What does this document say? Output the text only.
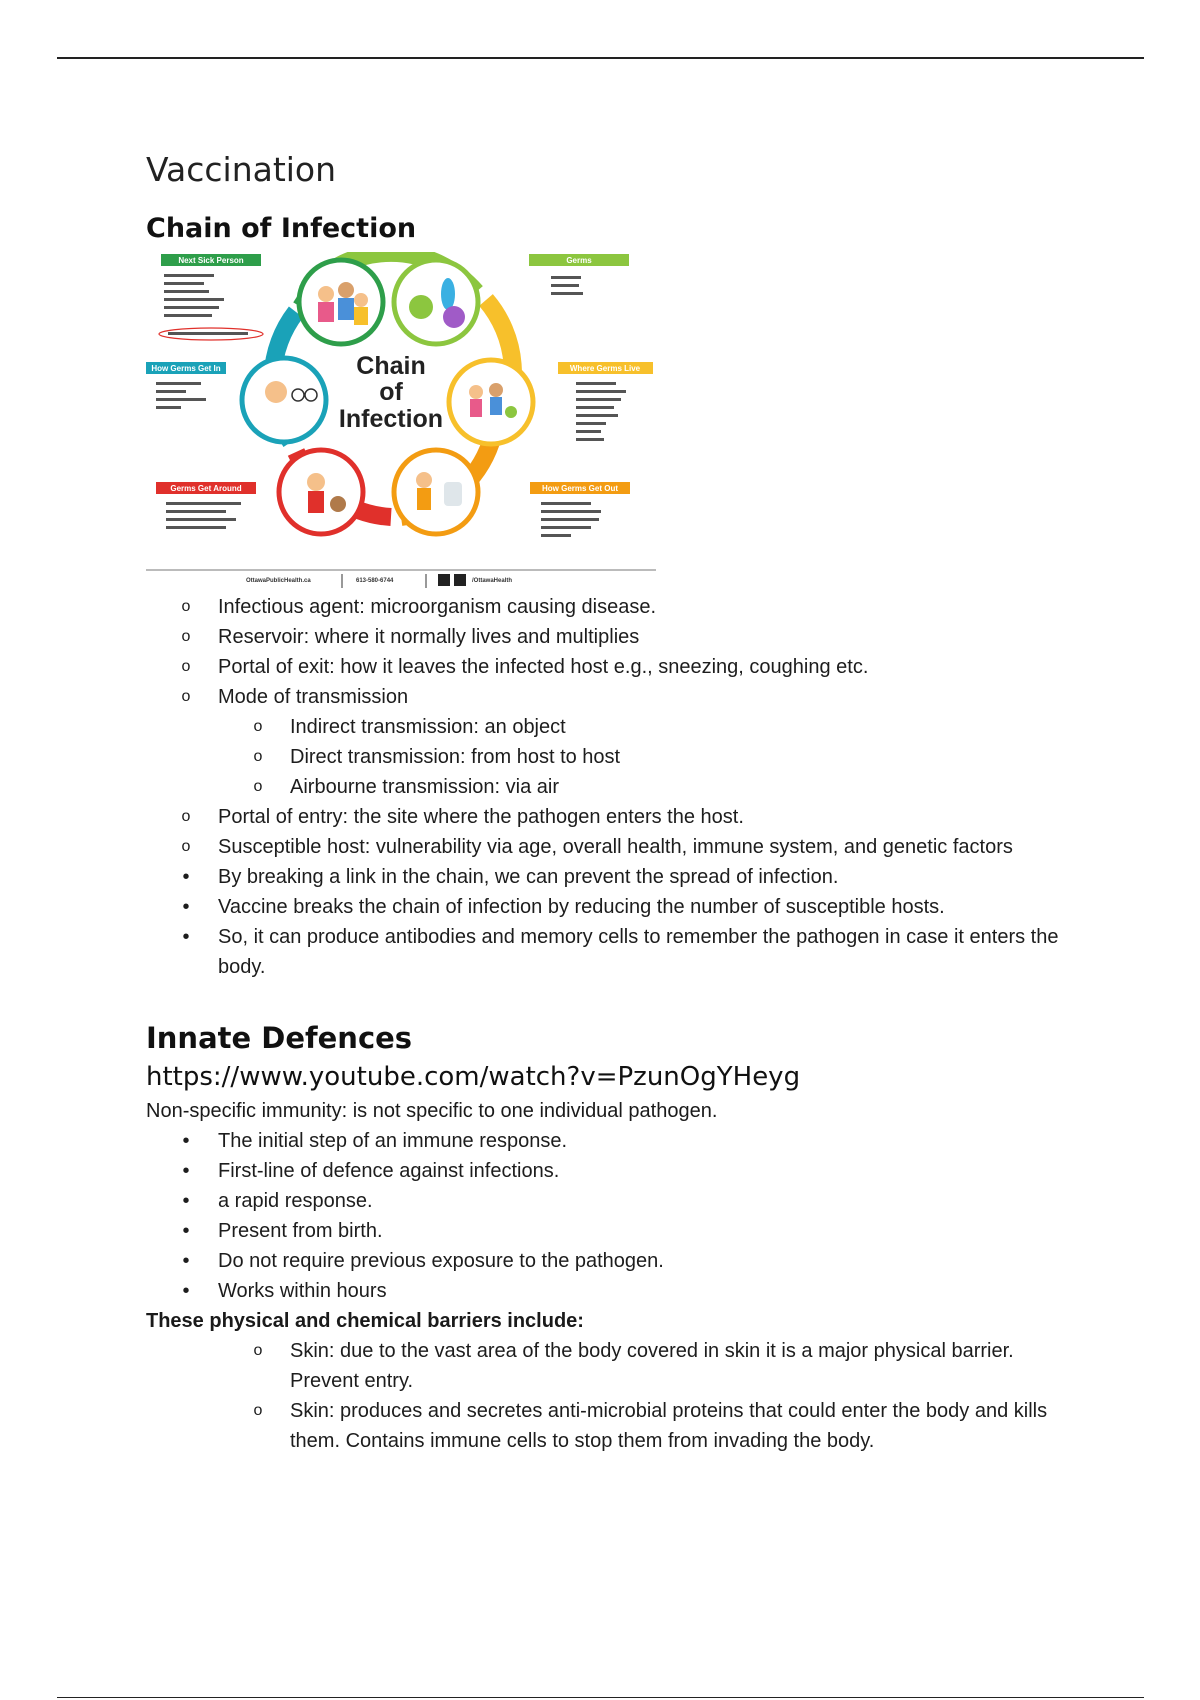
Vaccination
Chain of Infection
Chain
of
Infection
Next Sick Person	Germs
Where Germs Live
How Germs Get Out
Germs Get Around
How Germs Get In
OttawaPublicHealth.ca	613-580-6744	/OttawaHealth
o Infectious agent: microorganism causing disease.
o Reservoir: where it normally lives and multiplies
o Portal of exit: how it leaves the infected host e.g., sneezing, coughing etc.
o Mode of transmission
o Indirect transmission: an object
o Direct transmission: from host to host
o Airbourne transmission: via air
o Portal of entry: the site where the pathogen enters the host.
o Susceptible host: vulnerability via age, overall health, immune system, and genetic factors
•	By breaking a link in the chain, we can prevent the spread of infection.
•	Vaccine breaks the chain of infection by reducing the number of susceptible hosts.
•	So, it can produce antibodies and memory cells to remember the pathogen in case it enters the body.
Innate Defences
https://www.youtube.com/watch?v=PzunOgYHeyg
Non-specific immunity: is not specific to one individual pathogen.
•	The initial step of an immune response.
•	First-line of defence against infections.
•	a rapid response.
•	Present from birth.
•	Do not require previous exposure to the pathogen.
•	Works within hours
These physical and chemical barriers include:
o Skin: due to the vast area of the body covered in skin it is a major physical barrier. Prevent entry.
o Skin: produces and secretes anti-microbial proteins that could enter the body and kills them. Contains immune cells to stop them from invading the body.
